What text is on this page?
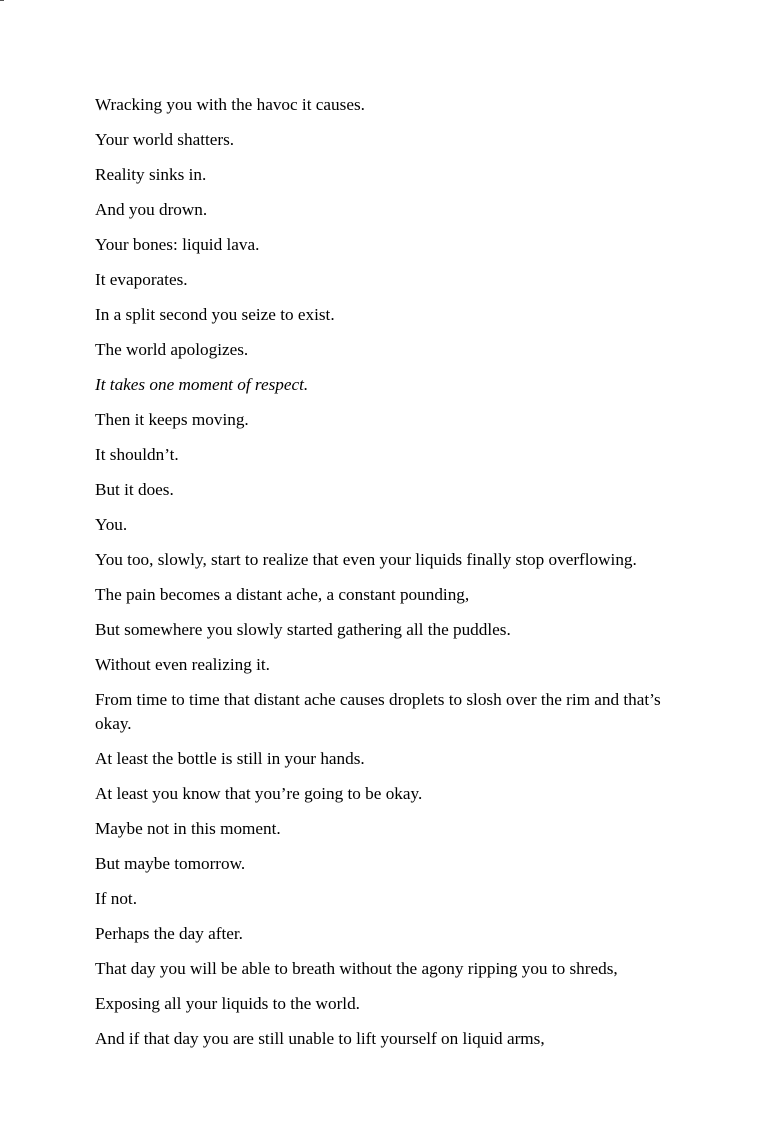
Wracking you with the havoc it causes.

Your world shatters.

Reality sinks in.

And you drown.

Your bones: liquid lava.

It evaporates.

In a split second you seize to exist.

The world apologizes.

It takes one moment of respect.

Then it keeps moving.

It shouldn’t.

But it does.

You.

You too, slowly, start to realize that even your liquids finally stop overflowing.

The pain becomes a distant ache, a constant pounding,

But somewhere you slowly started gathering all the puddles.

Without even realizing it.

From time to time that distant ache causes droplets to slosh over the rim and that’s okay.

At least the bottle is still in your hands.

At least you know that you’re going to be okay.

Maybe not in this moment.

But maybe tomorrow.

If not.

Perhaps the day after.

That day you will be able to breath without the agony ripping you to shreds,

Exposing all your liquids to the world.

And if that day you are still unable to lift yourself on liquid arms,
